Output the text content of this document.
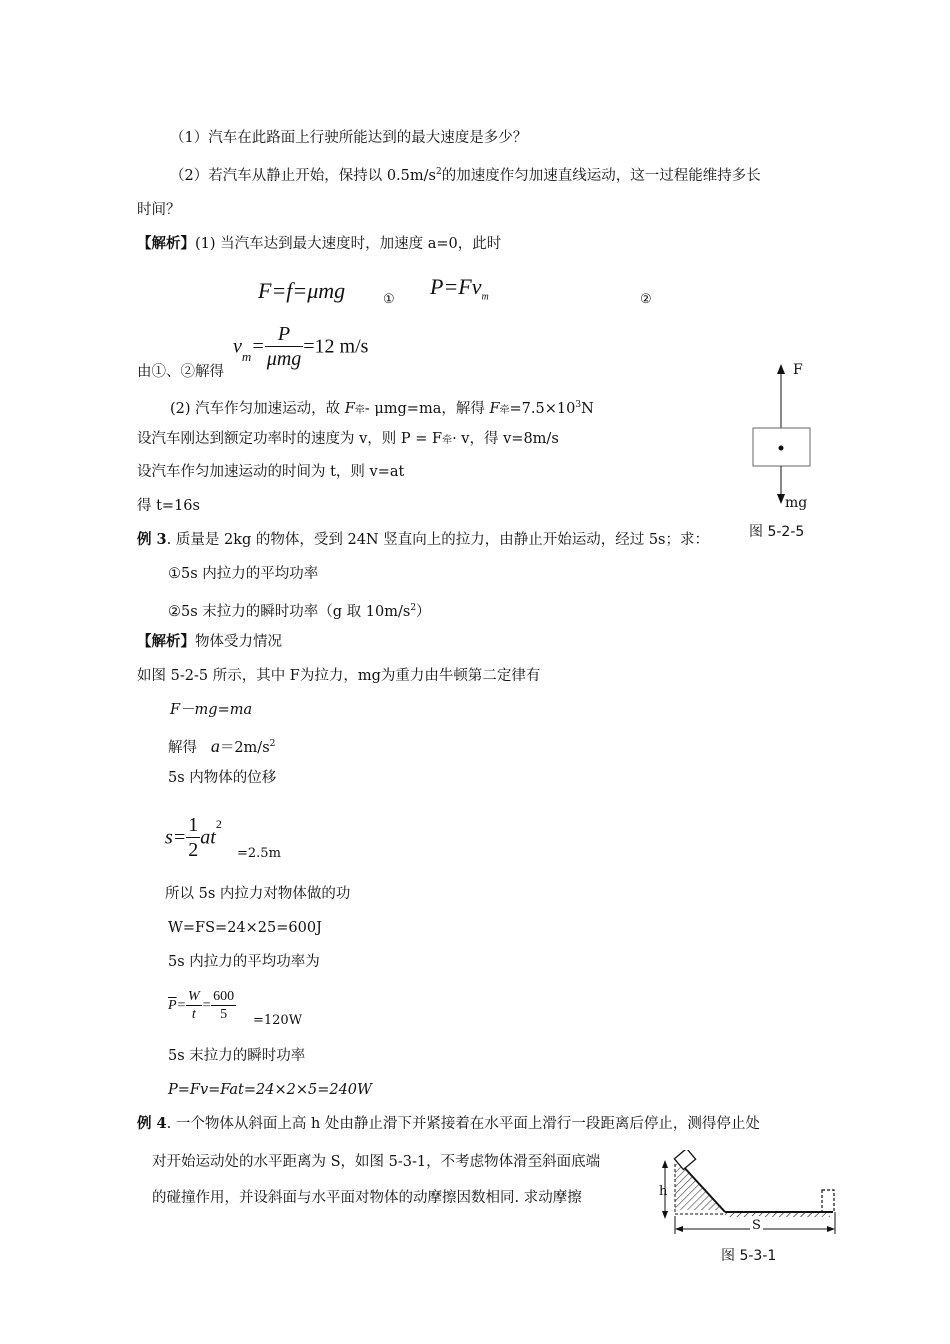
（1）汽车在此路面上行驶所能达到的最大速度是多少？
（2）若汽车从静止开始，保持以 $0.5m/s^2$的加速度作匀加速直线运动，这一过程能维持多长
时间？
【解析】(1) 当汽车达到最大速度时，加速度 a=0，此时
F=f=μmg	①
$P=Fv_m$	②
由①、②解得
$v_m= \frac{P}{\text{μmg}} =12$ m/s
(2) 汽车作匀加速运动，故 F牵- μmg=ma，解得 F牵$=7.5\times 10^3N$
设汽车刚达到额定功率时的速度为 v，则 P = F牵· v，得 v=8m/s
设汽车作匀加速运动的时间为 t，则 v=at
得 t=16s
F
mg
图 5-2-5
例 3. 质量是 2kg 的物体，受到 24N 竖直向上的拉力，由静止开始运动，经过 5s；求：
①5s 内拉力的平均功率
②5s 末拉力的瞬时功率（g 取 $10m/s^2$）
【解析】物体受力情况
如图 5-2-5 所示，其中 F为拉力，mg为重力由牛顿第二定律有
F－mg=ma
解得 $a=2m/s^2$
5s 内物体的位移
$s= \frac{1}{2} at^2$
=2.5m
所以 5s 内拉力对物体做的功
W=FS=24×25=600J
5s 内拉力的平均功率为
$\overline{P}= \frac{W}{t} = \frac{600}{5} =120W$
5s 末拉力的瞬时功率
P=Fv=Fat=24×2×5=240W
例 4. 一个物体从斜面上高 h 处由静止滑下并紧接着在水平面上滑行一段距离后停止，测得停止处
对开始运动处的水平距离为 S，如图 5-3-1，不考虑物体滑至斜面底端
的碰撞作用，并设斜面与水平面对物体的动摩擦因数相同. 求动摩擦	h
S
图 5-3-1
